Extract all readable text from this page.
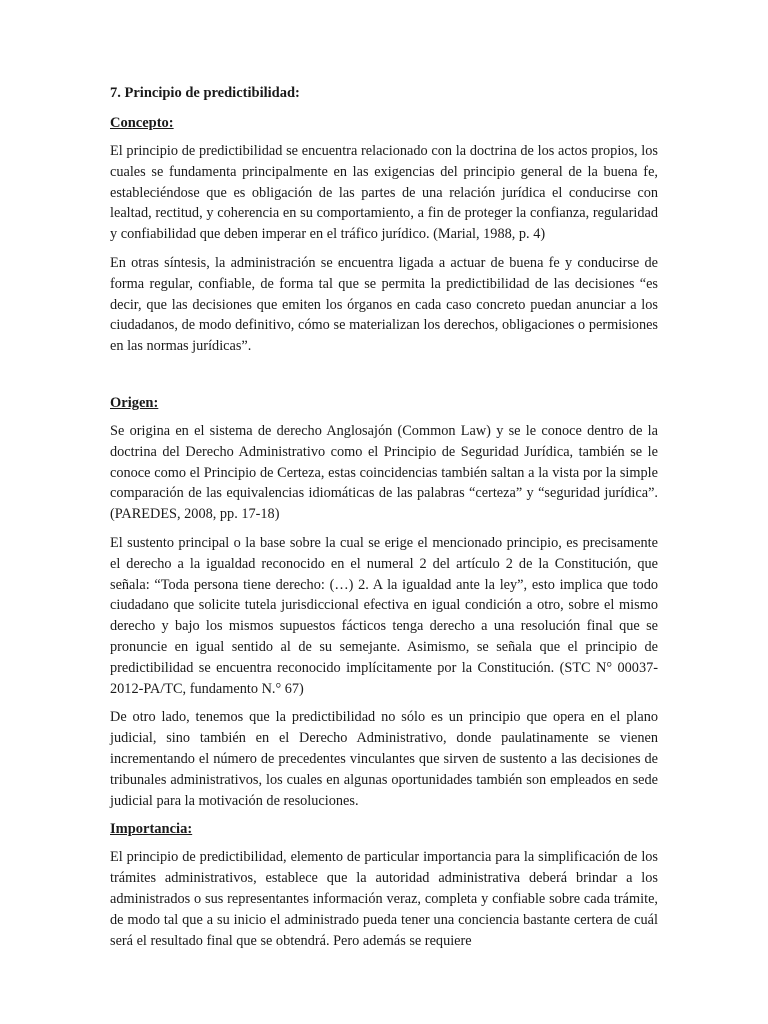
7. Principio de predictibilidad:
Concepto:

El principio de predictibilidad se encuentra relacionado con la doctrina de los actos propios, los cuales se fundamenta principalmente en las exigencias del principio general de la buena fe, estableciéndose que es obligación de las partes de una relación jurídica el conducirse con lealtad, rectitud, y coherencia en su comportamiento, a fin de proteger la confianza, regularidad y confiabilidad que deben imperar en el tráfico jurídico. (Marial, 1988, p. 4)

En otras síntesis, la administración se encuentra ligada a actuar de buena fe y conducirse de forma regular, confiable, de forma tal que se permita la predictibilidad de las decisiones “es decir, que las decisiones que emiten los órganos en cada caso concreto puedan anunciar a los ciudadanos, de modo definitivo, cómo se materializan los derechos, obligaciones o permisiones en las normas jurídicas”.

Origen:

Se origina en el sistema de derecho Anglosajón (Common Law) y se le conoce dentro de la doctrina del Derecho Administrativo como el Principio de Seguridad Jurídica, también se le conoce como el Principio de Certeza, estas coincidencias también saltan a la vista por la simple comparación de las equivalencias idiomáticas de las palabras “certeza” y “seguridad jurídica”. (PAREDES, 2008, pp. 17-18)

El sustento principal o la base sobre la cual se erige el mencionado principio, es precisamente el derecho a la igualdad reconocido en el numeral 2 del artículo 2 de la Constitución, que señala: “Toda persona tiene derecho: (…) 2. A la igualdad ante la ley”, esto implica que todo ciudadano que solicite tutela jurisdiccional efectiva en igual condición a otro, sobre el mismo derecho y bajo los mismos supuestos fácticos tenga derecho a una resolución final que se pronuncie en igual sentido al de su semejante. Asimismo, se señala que el principio de predictibilidad se encuentra reconocido implícitamente por la Constitución. (STC N° 00037-2012-PA/TC, fundamento N.° 67)

De otro lado, tenemos que la predictibilidad no sólo es un principio que opera en el plano judicial, sino también en el Derecho Administrativo, donde paulatinamente se vienen incrementando el número de precedentes vinculantes que sirven de sustento a las decisiones de tribunales administrativos, los cuales en algunas oportunidades también son empleados en sede judicial para la motivación de resoluciones.

Importancia:

El principio de predictibilidad, elemento de particular importancia para la simplificación de los trámites administrativos, establece que la autoridad administrativa deberá brindar a los administrados o sus representantes información veraz, completa y confiable sobre cada trámite, de modo tal que a su inicio el administrado pueda tener una conciencia bastante certera de cuál será el resultado final que se obtendrá. Pero además se requiere
